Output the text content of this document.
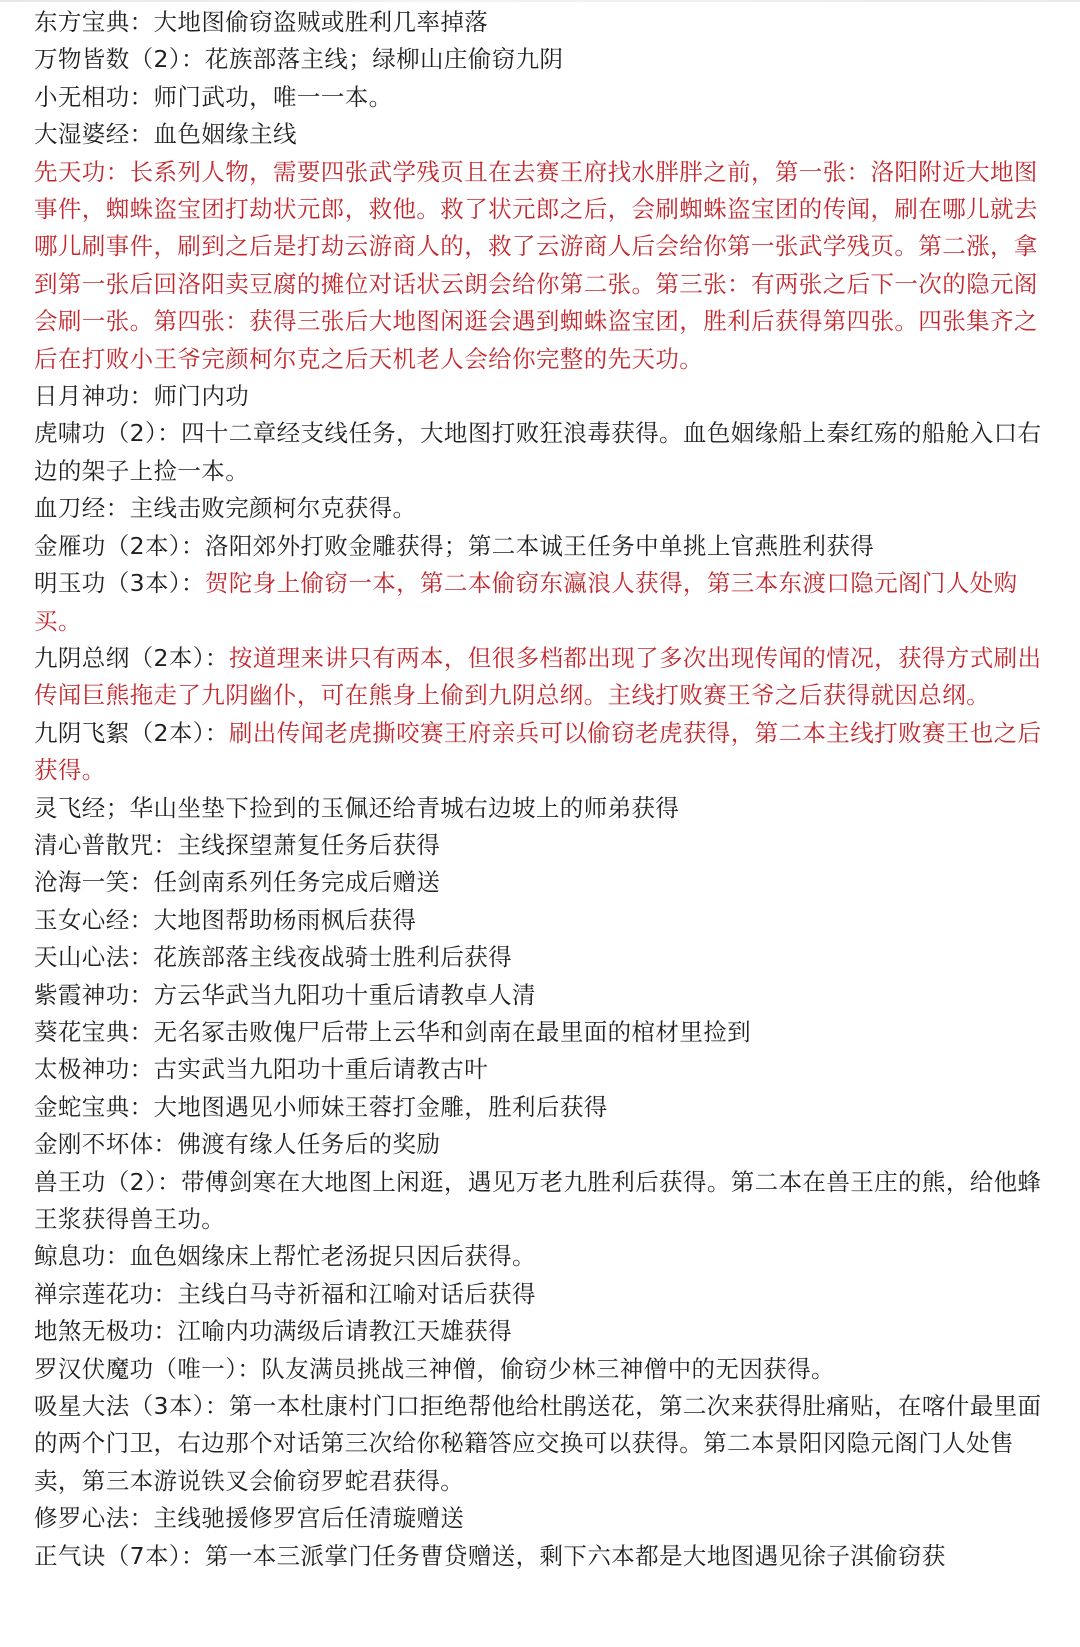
东方宝典：大地图偷窃盗贼或胜利几率掉落

万物皆数（2）：花族部落主线；绿柳山庄偷窃九阴

小无相功：师门武功，唯一一本。

大湿婆经：血色姻缘主线

先天功：长系列人物，需要四张武学残页且在去赛王府找水胖胖之前，第一张：洛阳附近大地图事件，蜘蛛盗宝团打劫状元郎，救他。救了状元郎之后，会刷蜘蛛盗宝团的传闻，刷在哪儿就去哪儿刷事件，刷到之后是打劫云游商人的，救了云游商人后会给你第一张武学残页。第二涨，拿到第一张后回洛阳卖豆腐的摊位对话状云朗会给你第二张。第三张：有两张之后下一次的隐元阁会刷一张。第四张：获得三张后大地图闲逛会遇到蜘蛛盗宝团，胜利后获得第四张。四张集齐之后在打败小王爷完颜柯尔克之后天机老人会给你完整的先天功。

日月神功：师门内功

虎啸功（2）：四十二章经支线任务，大地图打败狂浪毒获得。血色姻缘船上秦红殇的船舱入口右边的架子上捡一本。

血刀经：主线击败完颜柯尔克获得。

金雁功（2本）：洛阳郊外打败金雕获得；第二本诚王任务中单挑上官燕胜利获得

明玉功（3本）：贺陀身上偷窃一本，第二本偷窃东瀛浪人获得，第三本东渡口隐元阁门人处购买。

九阴总纲（2本）：按道理来讲只有两本，但很多档都出现了多次出现传闻的情况，获得方式刷出传闻巨熊拖走了九阴幽仆，可在熊身上偷到九阴总纲。主线打败赛王爷之后获得就因总纲。

九阴飞絮（2本）：刷出传闻老虎撕咬赛王府亲兵可以偷窃老虎获得，第二本主线打败赛王也之后获得。

灵飞经；华山坐垫下捡到的玉佩还给青城右边坡上的师弟获得

清心普散咒：主线探望萧复任务后获得

沧海一笑：任剑南系列任务完成后赠送

玉女心经：大地图帮助杨雨枫后获得

天山心法：花族部落主线夜战骑士胜利后获得

紫霞神功：方云华武当九阳功十重后请教卓人清

葵花宝典：无名冢击败傀尸后带上云华和剑南在最里面的棺材里捡到

太极神功：古实武当九阳功十重后请教古叶

金蛇宝典：大地图遇见小师妹王蓉打金雕，胜利后获得

金刚不坏体：佛渡有缘人任务后的奖励

兽王功（2）：带傅剑寒在大地图上闲逛，遇见万老九胜利后获得。第二本在兽王庄的熊，给他蜂王浆获得兽王功。

鲸息功：血色姻缘床上帮忙老汤捉只因后获得。

禅宗莲花功：主线白马寺祈福和江喻对话后获得

地煞无极功：江喻内功满级后请教江天雄获得

罗汉伏魔功（唯一）：队友满员挑战三神僧，偷窃少林三神僧中的无因获得。

吸星大法（3本）：第一本杜康村门口拒绝帮他给杜鹃送花，第二次来获得肚痛贴，在喀什最里面的两个门卫，右边那个对话第三次给你秘籍答应交换可以获得。第二本景阳冈隐元阁门人处售卖，第三本游说铁叉会偷窃罗蛇君获得。

修罗心法：主线驰援修罗宫后任清璇赠送

正气诀（7本）：第一本三派掌门任务曹贷赠送，剩下六本都是大地图遇见徐子淇偷窃获
